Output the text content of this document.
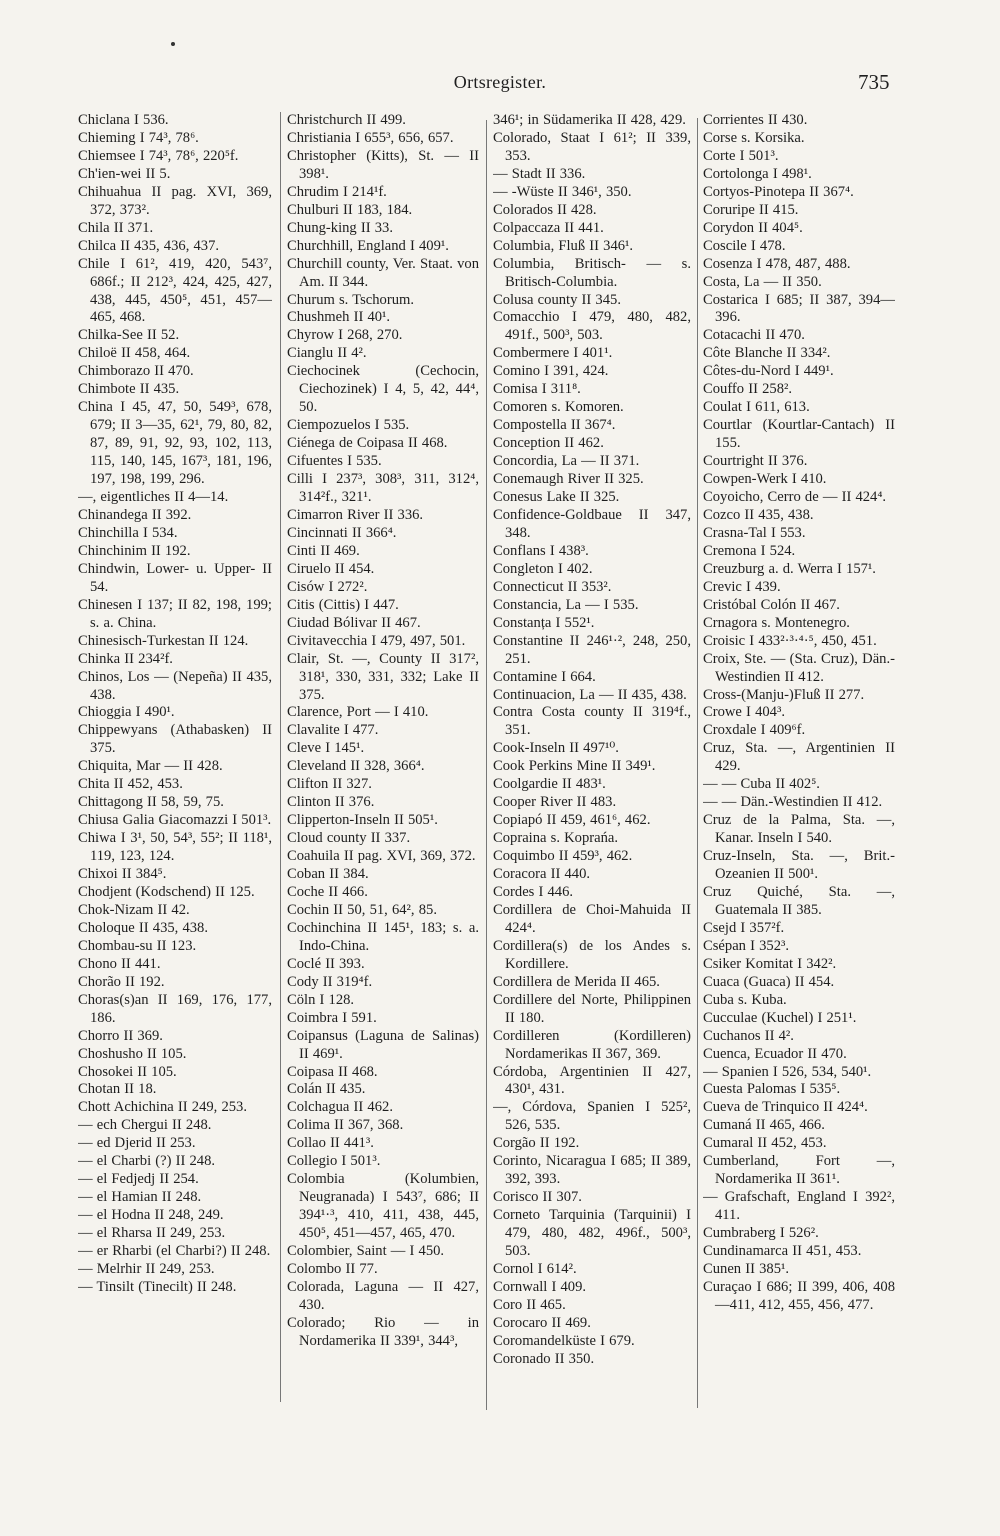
Ortsregister.	735
Chiclana I 536.
Chieming I 74³, 78⁶.
Chiemsee I 74³, 78⁶, 220⁵f.
Ch'ien-wei II 5.
Chihuahua II pag. XVI, 369, 372, 373².
Chila II 371.
Chilca II 435, 436, 437.
Chile I 61², 419, 420, 543⁷, 686f.; II 212³, 424, 425, 427, 438, 445, 450⁵, 451, 457—465, 468.
Chilka-See II 52.
Chiloë II 458, 464.
Chimborazo II 470.
Chimbote II 435.
China I 45, 47, 50, 549³, 678, 679; II 3—35, 62¹, 79, 80, 82, 87, 89, 91, 92, 93, 102, 113, 115, 140, 145, 167³, 181, 196, 197, 198, 199, 296.
—, eigentliches II 4—14.
Chinandega II 392.
Chinchilla I 534.
Chinchinim II 192.
Chindwin, Lower- u. Upper- II 54.
Chinesen I 137; II 82, 198, 199; s. a. China.
Chinesisch-Turkestan II 124.
Chinka II 234²f.
Chinos, Los — (Nepeña) II 435, 438.
Chioggia I 490¹.
Chippewyans (Athabasken) II 375.
Chiquita, Mar — II 428.
Chita II 452, 453.
Chittagong II 58, 59, 75.
Chiusa Galia Giacomazzi I 501³.
Chiwa I 3¹, 50, 54³, 55²; II 118¹, 119, 123, 124.
Chixoi II 384⁵.
Chodjent (Kodschend) II 125.
Chok-Nizam II 42.
Choloque II 435, 438.
Chombau-su II 123.
Chono II 441.
Chorão II 192.
Choras(s)an II 169, 176, 177, 186.
Chorro II 369.
Choshusho II 105.
Chosokei II 105.
Chotan II 18.
Chott Achichina II 249, 253.
— ech Chergui II 248.
— ed Djerid II 253.
— el Charbi (?) II 248.
— el Fedjedj II 254.
— el Hamian II 248.
— el Hodna II 248, 249.
— el Rharsa II 249, 253.
— er Rharbi (el Charbi?) II 248.
— Melrhir II 249, 253.
— Tinsilt (Tinecilt) II 248.
Christchurch II 499.
Christiania I 655³, 656, 657.
Christopher (Kitts), St. — II 398¹.
Chrudim I 214¹f.
Chulburi II 183, 184.
Chung-king II 33.
Churchhill, England I 409¹.
Churchill county, Ver. Staat. von Am. II 344.
Churum s. Tschorum.
Chushmeh II 40¹.
Chyrow I 268, 270.
Cianglu II 4².
Ciechocinek (Cechocin, Ciechozinek) I 4, 5, 42, 44⁴, 50.
Ciempozuelos I 535.
Ciénega de Coipasa II 468.
Cifuentes I 535.
Cilli I 237³, 308³, 311, 312⁴, 314²f., 321¹.
Cimarron River II 336.
Cincinnati II 366⁴.
Cinti II 469.
Ciruelo II 454.
Cisów I 272².
Citis (Cittis) I 447.
Ciudad Bólivar II 467.
Civitavecchia I 479, 497, 501.
Clair, St. —, County II 317², 318¹, 330, 331, 332; Lake II 375.
Clarence, Port — I 410.
Clavalite I 477.
Cleve I 145¹.
Cleveland II 328, 366⁴.
Clifton II 327.
Clinton II 376.
Clipperton-Inseln II 505¹.
Cloud county II 337.
Coahuila II pag. XVI, 369, 372.
Coban II 384.
Coche II 466.
Cochin II 50, 51, 64², 85.
Cochinchina II 145¹, 183; s. a. Indo-China.
Coclé II 393.
Cody II 319⁴f.
Cöln I 128.
Coimbra I 591.
Coipansus (Laguna de Salinas) II 469¹.
Coipasa II 468.
Colán II 435.
Colchagua II 462.
Colima II 367, 368.
Collao II 441³.
Collegio I 501³.
Colombia (Kolumbien, Neugranada) I 543⁷, 686; II 394¹·³, 410, 411, 438, 445, 450⁵, 451—457, 465, 470.
Colombier, Saint — I 450.
Colombo II 77.
Colorada, Laguna — II 427, 430.
Colorado; Rio — in Nordamerika II 339¹, 344³,
346¹; in Südamerika II 428, 429.
Colorado, Staat I 61²; II 339, 353.
— Stadt II 336.
— -Wüste II 346¹, 350.
Colorados II 428.
Colpaccaza II 441.
Columbia, Fluß II 346¹.
Columbia, Britisch- — s. Britisch-Columbia.
Colusa county II 345.
Comacchio I 479, 480, 482, 491f., 500³, 503.
Combermere I 401¹.
Comino I 391, 424.
Comisa I 311⁸.
Comoren s. Komoren.
Compostella II 367⁴.
Conception II 462.
Concordia, La — II 371.
Conemaugh River II 325.
Conesus Lake II 325.
Confidence-Goldbaue II 347, 348.
Conflans I 438³.
Congleton I 402.
Connecticut II 353².
Constancia, La — I 535.
Constanța I 552¹.
Constantine II 246¹·², 248, 250, 251.
Contamine I 664.
Continuacion, La — II 435, 438.
Contra Costa county II 319⁴f., 351.
Cook-Inseln II 497¹⁰.
Cook Perkins Mine II 349¹.
Coolgardie II 483¹.
Cooper River II 483.
Copiapó II 459, 461⁶, 462.
Copraina s. Koprańa.
Coquimbo II 459³, 462.
Coracora II 440.
Cordes I 446.
Cordillera de Choi-Mahuida II 424⁴.
Cordillera(s) de los Andes s. Kordillere.
Cordillera de Merida II 465.
Cordillere del Norte, Philippinen II 180.
Cordilleren (Kordilleren) Nordamerikas II 367, 369.
Córdoba, Argentinien II 427, 430¹, 431.
—, Córdova, Spanien I 525², 526, 535.
Corgão II 192.
Corinto, Nicaragua I 685; II 389, 392, 393.
Corisco II 307.
Corneto Tarquinia (Tarquinii) I 479, 480, 482, 496f., 500³, 503.
Cornol I 614².
Cornwall I 409.
Coro II 465.
Corocaro II 469.
Coromandelküste I 679.
Coronado II 350.
Corrientes II 430.
Corse s. Korsika.
Corte I 501³.
Cortolonga I 498¹.
Cortyos-Pinotepa II 367⁴.
Coruripe II 415.
Corydon II 404⁵.
Coscile I 478.
Cosenza I 478, 487, 488.
Costa, La — II 350.
Costarica I 685; II 387, 394—396.
Cotacachi II 470.
Côte Blanche II 334².
Côtes-du-Nord I 449¹.
Couffo II 258².
Coulat I 611, 613.
Courtlar (Kourtlar-Cantach) II 155.
Courtright II 376.
Cowpen-Werk I 410.
Coyoicho, Cerro de — II 424⁴.
Cozco II 435, 438.
Crasna-Tal I 553.
Cremona I 524.
Creuzburg a. d. Werra I 157¹.
Crevic I 439.
Cristóbal Colón II 467.
Crnagora s. Montenegro.
Croisic I 433²·³·⁴·⁵, 450, 451.
Croix, Ste. — (Sta. Cruz), Dän.-Westindien II 412.
Cross-(Manju-)Fluß II 277.
Crowe I 404³.
Croxdale I 409⁶f.
Cruz, Sta. —, Argentinien II 429.
— — Cuba II 402⁵.
— — Dän.-Westindien II 412.
Cruz de la Palma, Sta. —, Kanar. Inseln I 540.
Cruz-Inseln, Sta. —, Brit.-Ozeanien II 500¹.
Cruz Quiché, Sta. —, Guatemala II 385.
Csejd I 357²f.
Csépan I 352³.
Csiker Komitat I 342².
Cuaca (Guaca) II 454.
Cuba s. Kuba.
Cucculae (Kuchel) I 251¹.
Cuchanos II 4².
Cuenca, Ecuador II 470.
— Spanien I 526, 534, 540¹.
Cuesta Palomas I 535⁵.
Cueva de Trinquico II 424⁴.
Cumaná II 465, 466.
Cumaral II 452, 453.
Cumberland, Fort —, Nordamerika II 361¹.
— Grafschaft, England I 392², 411.
Cumbraberg I 526².
Cundinamarca II 451, 453.
Cunen II 385¹.
Curaçao I 686; II 399, 406, 408—411, 412, 455, 456, 477.
